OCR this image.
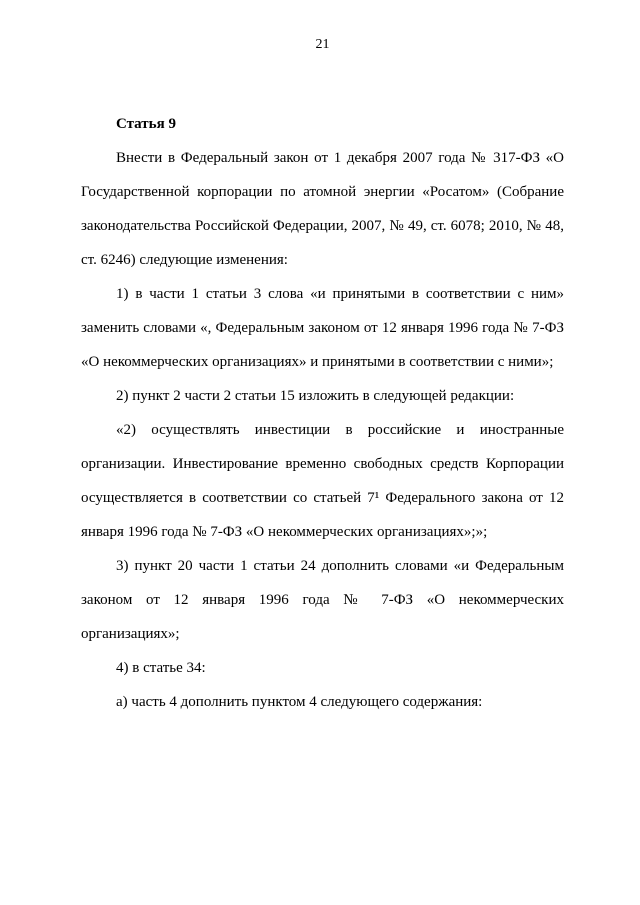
21

Статья 9

Внести в Федеральный закон от 1 декабря 2007 года № 317-ФЗ «О Государственной корпорации по атомной энергии «Росатом» (Собрание законодательства Российской Федерации, 2007, № 49, ст. 6078; 2010, № 48, ст. 6246) следующие изменения:

1) в части 1 статьи 3 слова «и принятыми в соответствии с ним» заменить словами «, Федеральным законом от 12 января 1996 года № 7-ФЗ «О некоммерческих организациях» и принятыми в соответствии с ними»;

2) пункт 2 части 2 статьи 15 изложить в следующей редакции:

«2) осуществлять инвестиции в российские и иностранные организации. Инвестирование временно свободных средств Корпорации осуществляется в соответствии со статьей 7¹ Федерального закона от 12 января 1996 года № 7-ФЗ «О некоммерческих организациях»;»;

3) пункт 20 части 1 статьи 24 дополнить словами «и Федеральным законом от 12 января 1996 года № 7-ФЗ «О некоммерческих организациях»;

4) в статье 34:

а) часть 4 дополнить пунктом 4 следующего содержания:
